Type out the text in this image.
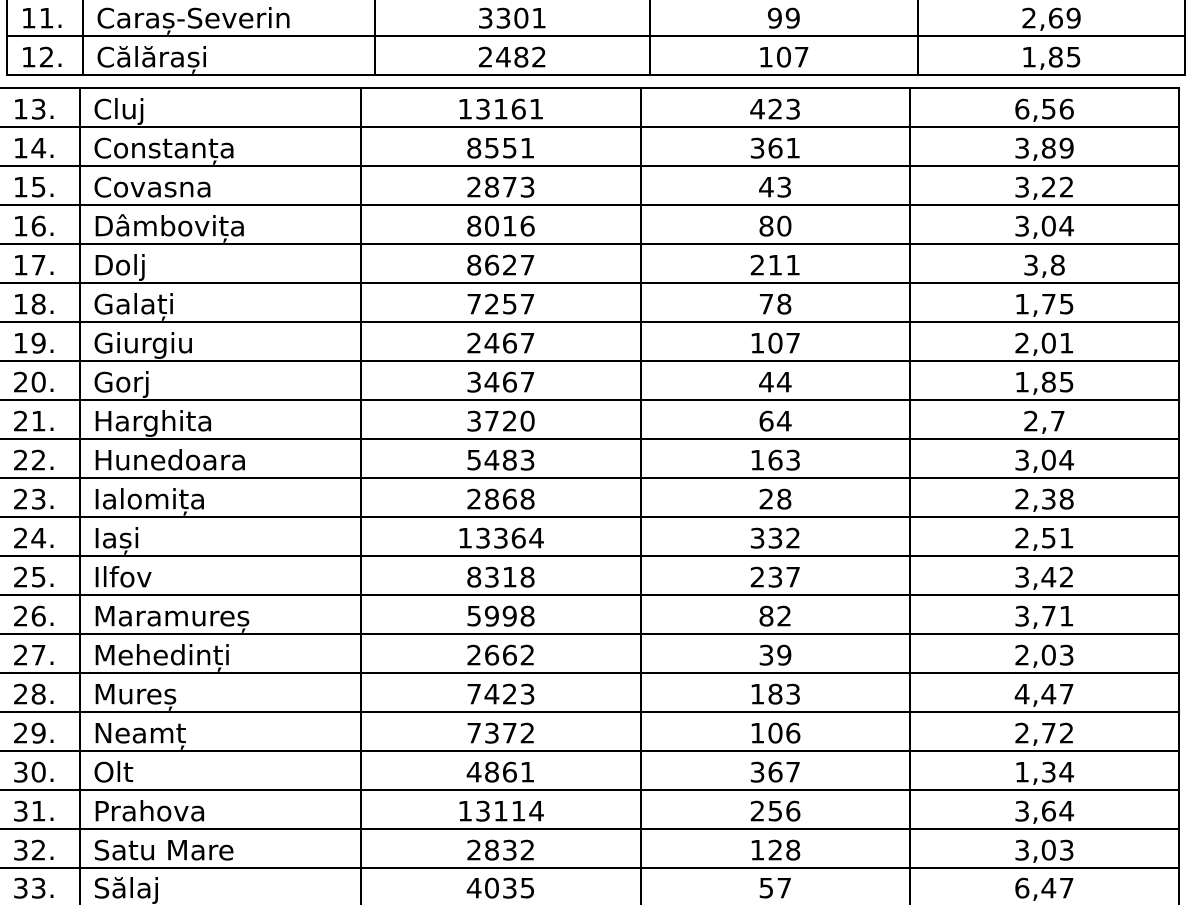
11.	Caraș-Severin	3301	99	2,69
12.	Călărași	2482	107	1,85
13.	Cluj	13161	423	6,56
14.	Constanța	8551	361	3,89
15.	Covasna	2873	43	3,22
16.	Dâmbovița	8016	80	3,04
17.	Dolj	8627	211	3,8
18.	Galați	7257	78	1,75
19.	Giurgiu	2467	107	2,01
20.	Gorj	3467	44	1,85
21.	Harghita	3720	64	2,7
22.	Hunedoara	5483	163	3,04
23.	Ialomița	2868	28	2,38
24.	Iași	13364	332	2,51
25.	Ilfov	8318	237	3,42
26.	Maramureș	5998	82	3,71
27.	Mehedinți	2662	39	2,03
28.	Mureș	7423	183	4,47
29.	Neamț	7372	106	2,72
30.	Olt	4861	367	1,34
31.	Prahova	13114	256	3,64
32.	Satu Mare	2832	128	3,03
33.	Sălaj	4035	57	6,47
